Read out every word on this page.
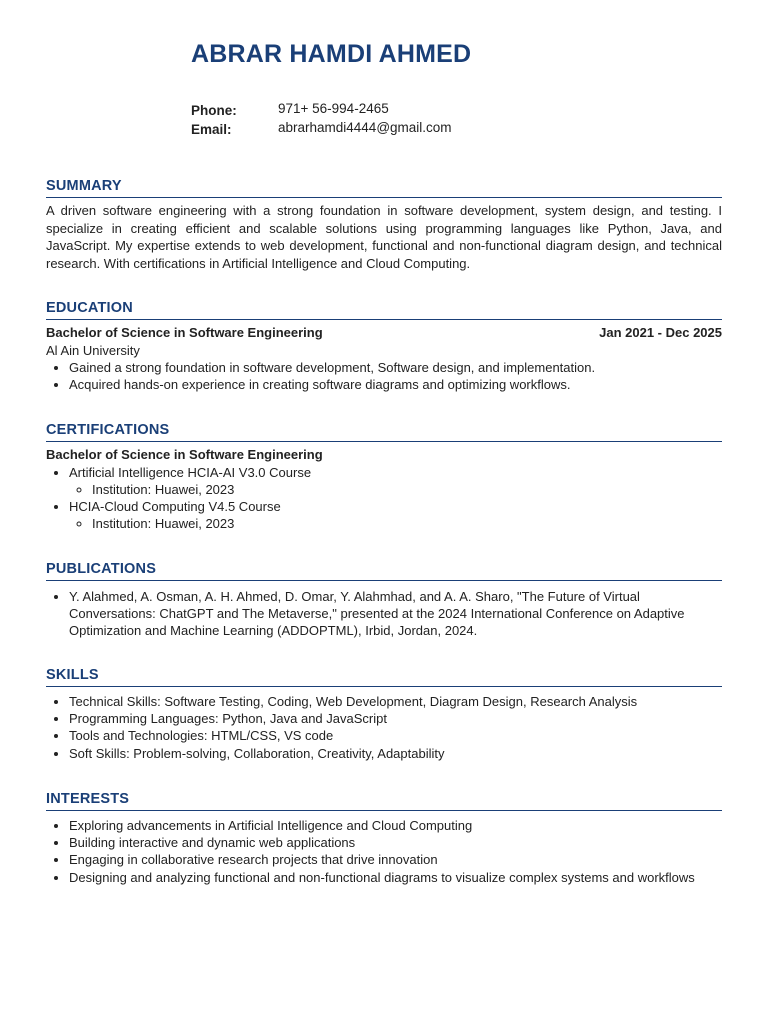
ABRAR HAMDI AHMED
Phone:	971+ 56-994-2465
Email:	abrarhamdi4444@gmail.com
SUMMARY

A driven software engineering with a strong foundation in software development, system design, and testing. I specialize in creating efficient and scalable solutions using programming languages like Python, Java, and JavaScript. My expertise extends to web development, functional and non-functional diagram design, and technical research. With certifications in Artificial Intelligence and Cloud Computing.

EDUCATION
Bachelor of Science in Software Engineering	Jan 2021 - Dec 2025
Al Ain University
• Gained a strong foundation in software development, Software design, and implementation.
• Acquired hands-on experience in creating software diagrams and optimizing workflows.
CERTIFICATIONS
Bachelor of Science in Software Engineering
• Artificial Intelligence HCIA-AI V3.0 Course
◦ Institution: Huawei, 2023
• HCIA-Cloud Computing V4.5 Course
◦ Institution: Huawei, 2023
PUBLICATIONS
• Y. Alahmed, A. Osman, A. H. Ahmed, D. Omar, Y. Alahmhad, and A. A. Sharo, "The Future of Virtual Conversations: ChatGPT and The Metaverse," presented at the 2024 International Conference on Adaptive Optimization and Machine Learning (ADDOPTML), Irbid, Jordan, 2024.
SKILLS
• Technical Skills: Software Testing, Coding, Web Development, Diagram Design, Research Analysis
• Programming Languages: Python, Java and JavaScript
• Tools and Technologies: HTML/CSS, VS code
• Soft Skills: Problem-solving, Collaboration, Creativity, Adaptability
INTERESTS
• Exploring advancements in Artificial Intelligence and Cloud Computing
• Building interactive and dynamic web applications
• Engaging in collaborative research projects that drive innovation
• Designing and analyzing functional and non-functional diagrams to visualize complex systems and workflows
